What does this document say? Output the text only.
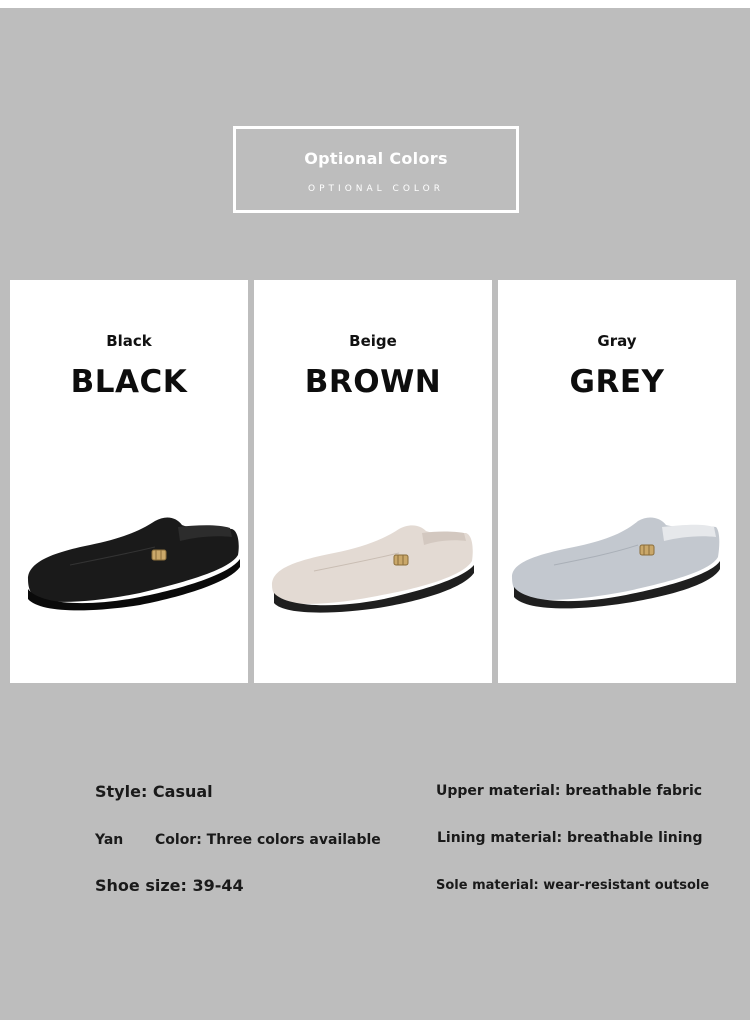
Optional Colors
OPTIONAL COLOR
Black
BLACK
Beige
BROWN
Gray
GREY
Style: Casual
Yan Color: Three colors available
Shoe size: 39-44
Upper material: breathable fabric
Lining material: breathable lining
Sole material: wear-resistant outsole
